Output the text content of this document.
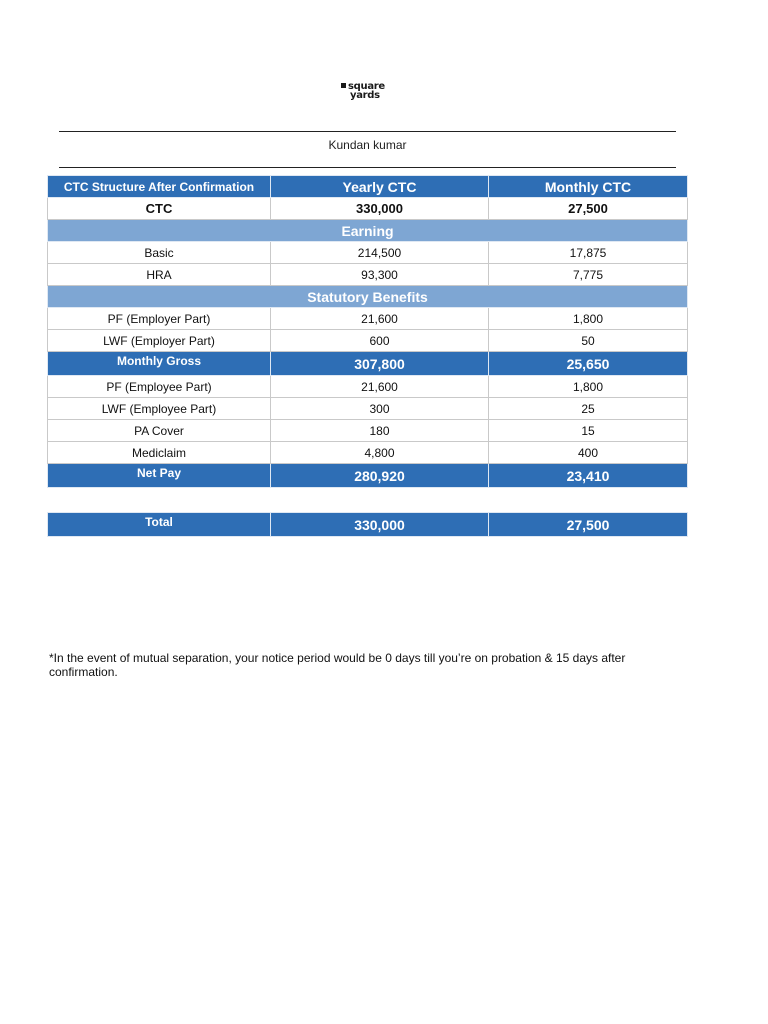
square
yards
Kundan kumar
CTC Structure After Confirmation	Yearly CTC	Monthly CTC
CTC	330,000	27,500
Earning		
Basic	214,500	17,875
HRA	93,300	7,775
Statutory Benefits		
PF (Employer Part)	21,600	1,800
LWF (Employer Part)	600	50
Monthly Gross	307,800	25,650
PF (Employee Part)	21,600	1,800
LWF (Employee Part)	300	25
PA Cover	180	15
Mediclaim	4,800	400
Net Pay	280,920	23,410

Total	330,000	27,500
*In the event of mutual separation, your notice period would be 0 days till you’re on probation & 15 days after confirmation.
